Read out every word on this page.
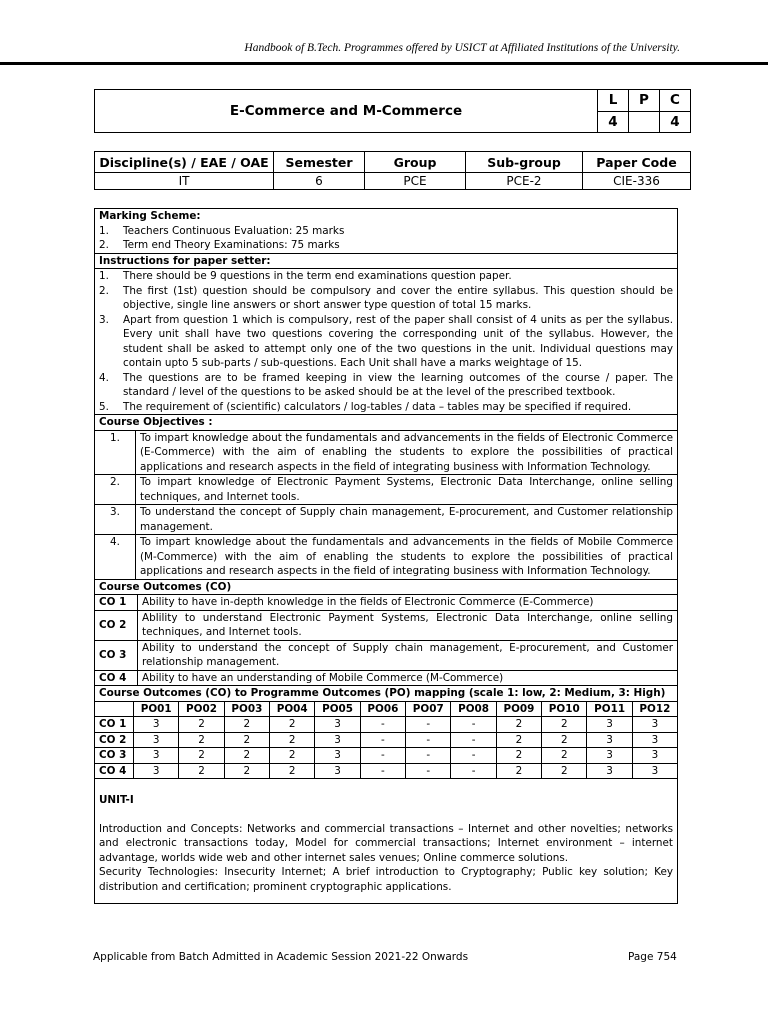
Handbook of B.Tech. Programmes offered by USICT at Affiliated Institutions of the University.
E-Commerce and M-Commerce	L	P	C
	4		4
Discipline(s) / EAE / OAE	Semester	Group	Sub-group	Paper Code
IT	6	PCE	PCE-2	CIE-336
Marking Scheme:
1.	Teachers Continuous Evaluation: 25 marks
2.	Term end Theory Examinations: 75 marks
Instructions for paper setter:
1.	There should be 9 questions in the term end examinations question paper.
2.	The first (1st) question should be compulsory and cover the entire syllabus. This question should be objective, single line answers or short answer type question of total 15 marks.
3.	Apart from question 1 which is compulsory, rest of the paper shall consist of 4 units as per the syllabus. Every unit shall have two questions covering the corresponding unit of the syllabus. However, the student shall be asked to attempt only one of the two questions in the unit. Individual questions may contain upto 5 sub-parts / sub-questions. Each Unit shall have a marks weightage of 15.
4.	The questions are to be framed keeping in view the learning outcomes of the course / paper. The standard / level of the questions to be asked should be at the level of the prescribed textbook.
5.	The requirement of (scientific) calculators / log-tables / data – tables may be specified if required.
Course Objectives :
1.	To impart knowledge about the fundamentals and advancements in the fields of Electronic Commerce (E-Commerce) with the aim of enabling the students to explore the possibilities of practical applications and research aspects in the field of integrating business with Information Technology.
2.	To impart knowledge of Electronic Payment Systems, Electronic Data Interchange, online selling techniques, and Internet tools.
3.	To understand the concept of Supply chain management, E-procurement, and Customer relationship management.
4.	To impart knowledge about the fundamentals and advancements in the fields of Mobile Commerce (M-Commerce) with the aim of enabling the students to explore the possibilities of practical applications and research aspects in the field of integrating business with Information Technology.
Course Outcomes (CO)
CO 1	Ability to have in-depth knowledge in the fields of Electronic Commerce (E-Commerce)
CO 2	Ablility to understand Electronic Payment Systems, Electronic Data Interchange, online selling techniques, and Internet tools.
CO 3	Ability to understand the concept of Supply chain management, E-procurement, and Customer relationship management.
CO 4	Ability to have an understanding of Mobile Commerce (M-Commerce)
Course Outcomes (CO) to Programme Outcomes (PO) mapping (scale 1: low, 2: Medium, 3: High)
	PO01	PO02	PO03	PO04	PO05	PO06	PO07	PO08	PO09	PO10	PO11	PO12
CO 1	3	2	2	2	3	-	-	-	2	2	3	3
CO 2	3	2	2	2	3	-	-	-	2	2	3	3
CO 3	3	2	2	2	3	-	-	-	2	2	3	3
CO 4	3	2	2	2	3	-	-	-	2	2	3	3
UNIT-I

Introduction and Concepts: Networks and commercial transactions – Internet and other novelties; networks and electronic transactions today, Model for commercial transactions; Internet environment – internet advantage, worlds wide web and other internet sales venues; Online commerce solutions.

Security Technologies: Insecurity Internet; A brief introduction to Cryptography; Public key solution; Key distribution and certification; prominent cryptographic applications.

Applicable from Batch Admitted in Academic Session 2021-22 Onwards	Page 754
